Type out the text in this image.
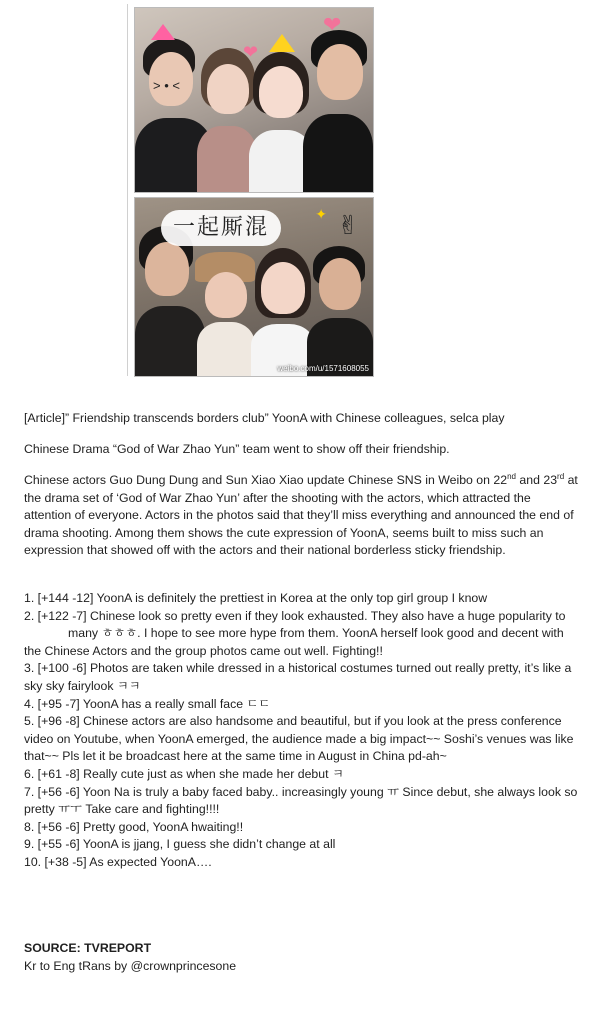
> • <
❤
❤
一起厮混
✦ ✌
weibo.com/u/1571608055

[Article]” Friendship transcends borders club” YoonA with Chinese colleagues, selca play

Chinese Drama “God of War Zhao Yun” team went to show off their friendship.

Chinese actors Guo Dung Dung and Sun Xiao Xiao update Chinese SNS in Weibo on 22nd and 23rd at the drama set of ‘God of War Zhao Yun’ after the shooting with the actors, which attracted the attention of everyone. Actors in the photos said that they’ll miss everything and announced the end of drama shooting. Among them shows the cute expression of YoonA, seems built to miss such an expression that showed off with the actors and their national borderless sticky friendship.

1. [+144 -12] YoonA is definitely the prettiest in Korea at the only top girl group I know
2. [+122 -7] Chinese look so pretty even if they look exhausted. They also have a huge popularity to
many ㅎㅎㅎ. I hope to see more hype from them. YoonA herself look good and decent with the Chinese Actors and the group photos came out well. Fighting!!
3. [+100 -6] Photos are taken while dressed in a historical costumes turned out really pretty, it’s like a sky sky fairylook ㅋㅋ
4. [+95 -7] YoonA has a really small face ㄷㄷ
5. [+96 -8] Chinese actors are also handsome and beautiful, but if you look at the press conference video on Youtube, when YoonA emerged, the audience made a big impact~~ Soshi’s venues was like that~~ Pls let it be broadcast here at the same time in August in China pd-ah~
6. [+61 -8] Really cute just as when she made her debut ㅋ
7. [+56 -6] Yoon Na is truly a baby faced baby.. increasingly young ㅠ Since debut, she always look so pretty ㅠㅜ Take care and fighting!!!!
8. [+56 -6] Pretty good, YoonA hwaiting!!
9. [+55 -6] YoonA is jjang, I guess she didn’t change at all
10. [+38 -5] As expected YoonA….

SOURCE: TVREPORT

Kr to Eng tRans by @crownprincesone
